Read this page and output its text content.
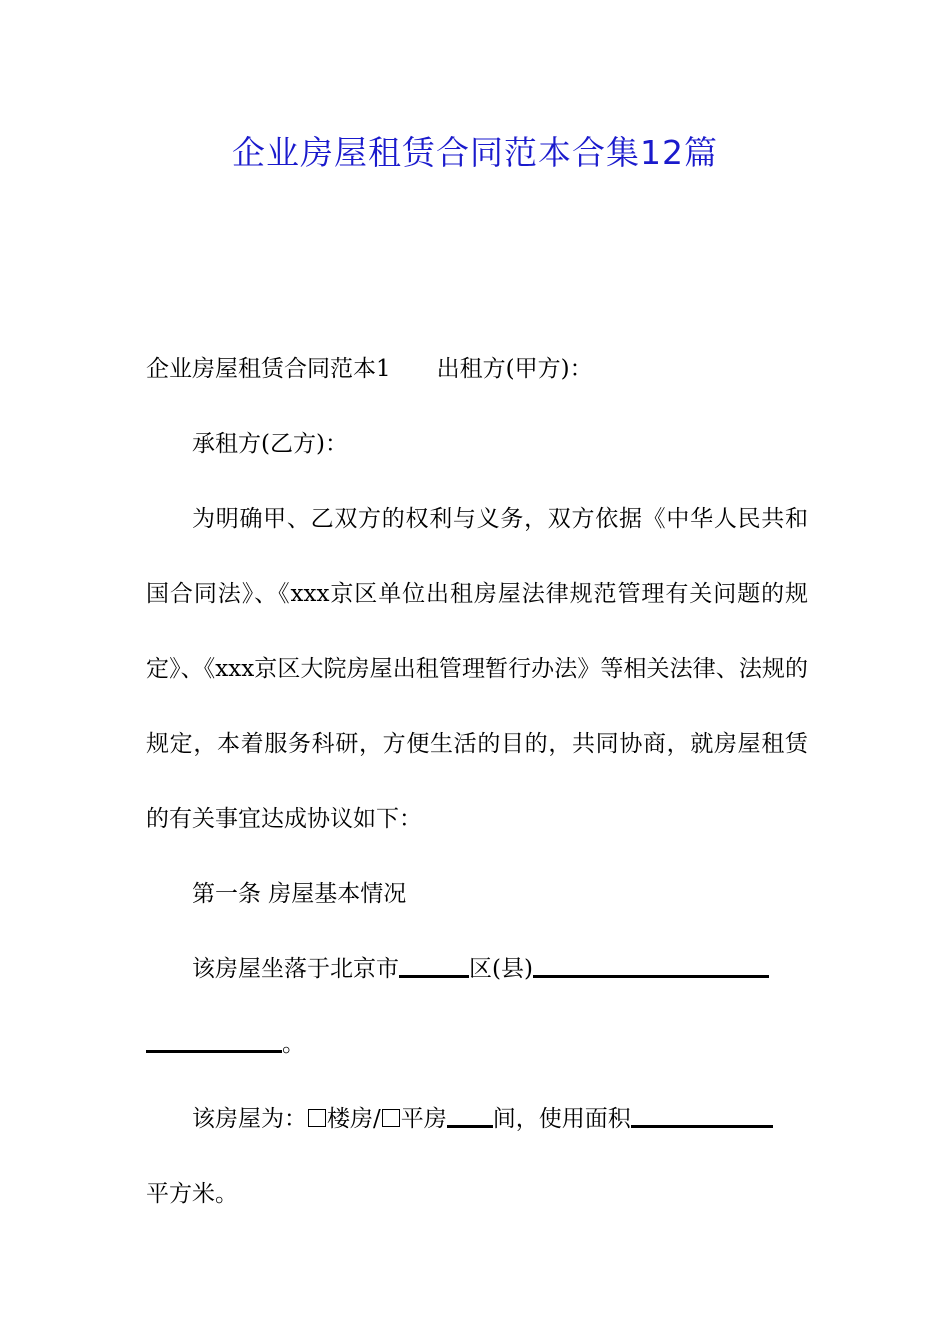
企业房屋租赁合同范本合集12篇

企业房屋租赁合同范本1 出租方(甲方)：

承租方(乙方)：

为明确甲、乙双方的权利与义务，双方依据《中华人民共和国合同法》、《xxx京区单位出租房屋法律规范管理有关问题的规定》、《xxx京区大院房屋出租管理暂行办法》等相关法律、法规的规定，本着服务科研，方便生活的目的，共同协商，就房屋租赁的有关事宜达成协议如下：

第一条 房屋基本情况

该房屋坐落于北京市	区(县)
。

该房屋为： 楼房/ 平房 间，使用面积
平方米。
